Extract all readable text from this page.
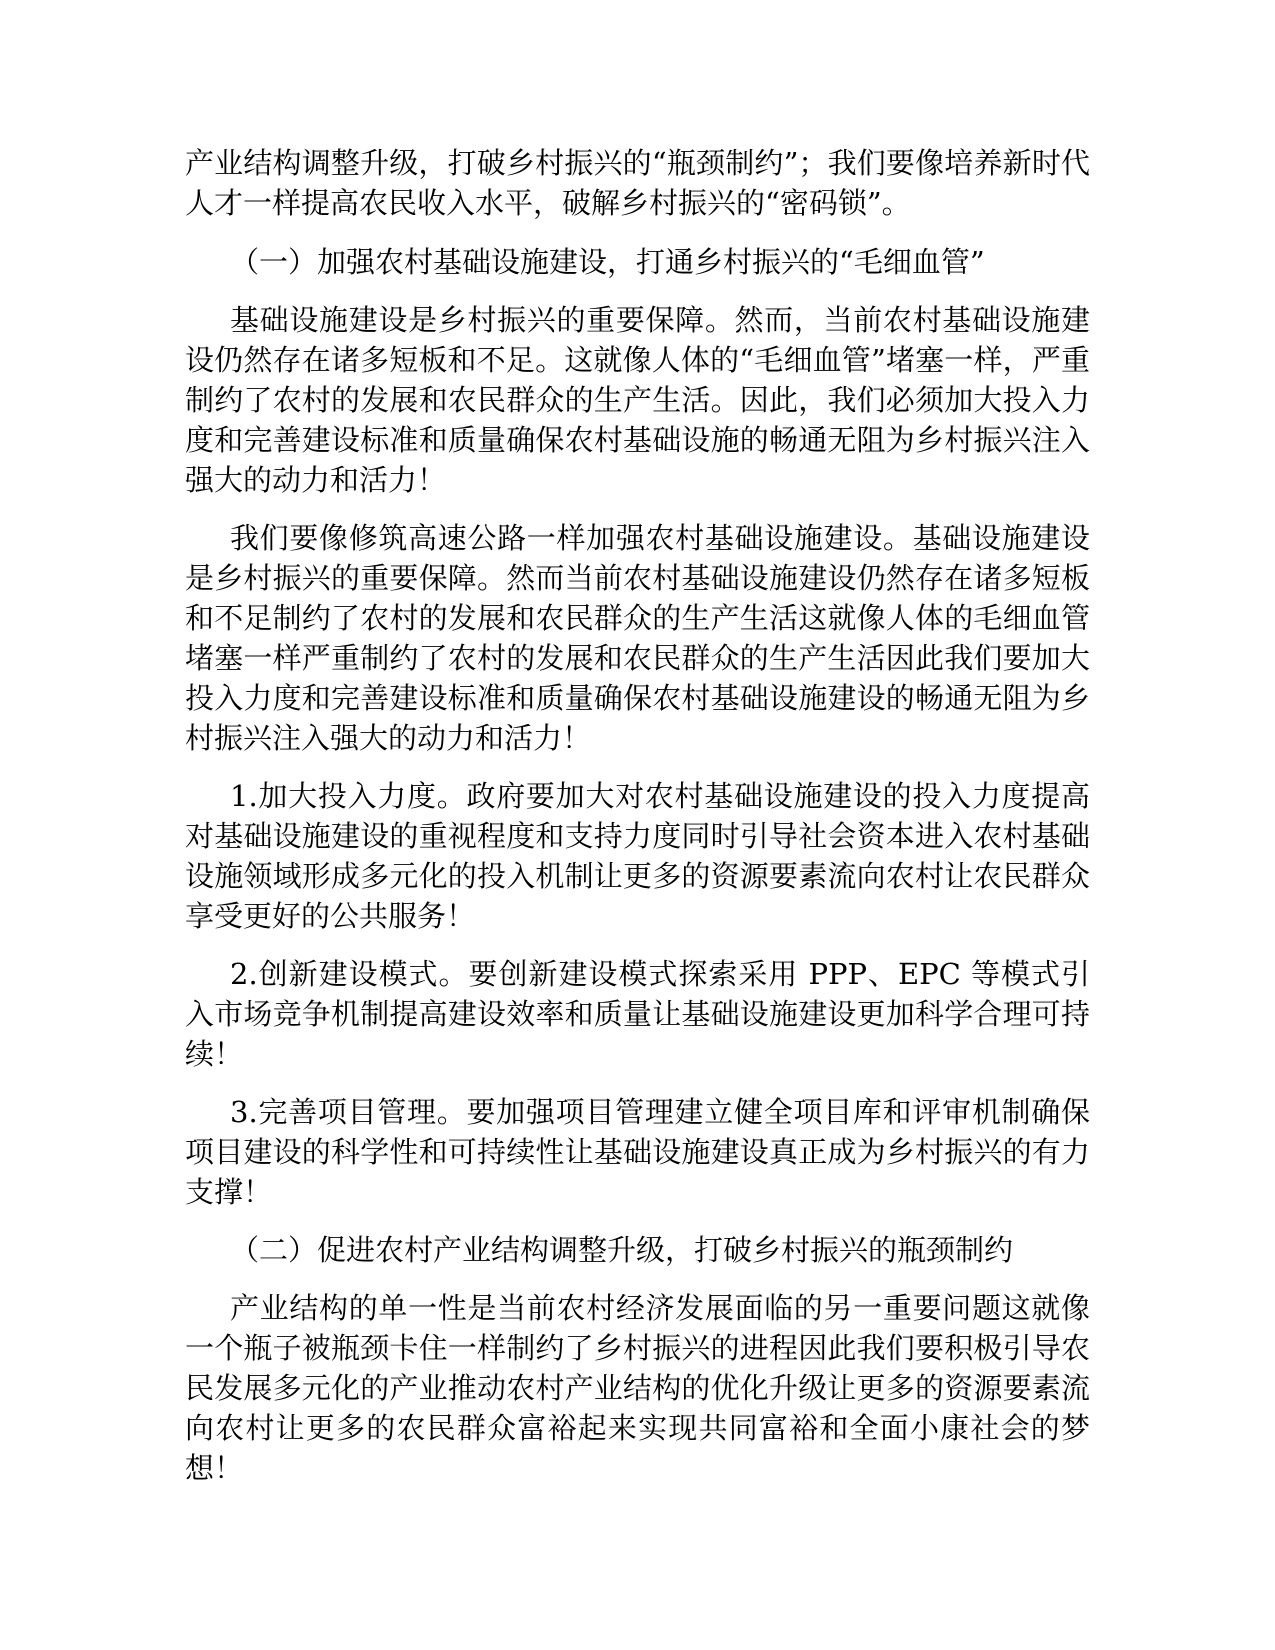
产业结构调整升级，打破乡村振兴的“瓶颈制约”；我们要像培养新时代人才一样提高农民收入水平，破解乡村振兴的“密码锁”。

（一）加强农村基础设施建设，打通乡村振兴的“毛细血管”

基础设施建设是乡村振兴的重要保障。然而，当前农村基础设施建设仍然存在诸多短板和不足。这就像人体的“毛细血管”堵塞一样，严重制约了农村的发展和农民群众的生产生活。因此，我们必须加大投入力度和完善建设标准和质量确保农村基础设施的畅通无阻为乡村振兴注入强大的动力和活力！

我们要像修筑高速公路一样加强农村基础设施建设。基础设施建设是乡村振兴的重要保障。然而当前农村基础设施建设仍然存在诸多短板和不足制约了农村的发展和农民群众的生产生活这就像人体的毛细血管堵塞一样严重制约了农村的发展和农民群众的生产生活因此我们要加大投入力度和完善建设标准和质量确保农村基础设施建设的畅通无阻为乡村振兴注入强大的动力和活力！

1.加大投入力度。政府要加大对农村基础设施建设的投入力度提高对基础设施建设的重视程度和支持力度同时引导社会资本进入农村基础设施领域形成多元化的投入机制让更多的资源要素流向农村让农民群众享受更好的公共服务！

2.创新建设模式。要创新建设模式探索采用 PPP、EPC 等模式引入市场竞争机制提高建设效率和质量让基础设施建设更加科学合理可持续！

3.完善项目管理。要加强项目管理建立健全项目库和评审机制确保项目建设的科学性和可持续性让基础设施建设真正成为乡村振兴的有力支撑！

（二）促进农村产业结构调整升级，打破乡村振兴的瓶颈制约

产业结构的单一性是当前农村经济发展面临的另一重要问题这就像一个瓶子被瓶颈卡住一样制约了乡村振兴的进程因此我们要积极引导农民发展多元化的产业推动农村产业结构的优化升级让更多的资源要素流向农村让更多的农民群众富裕起来实现共同富裕和全面小康社会的梦想！
